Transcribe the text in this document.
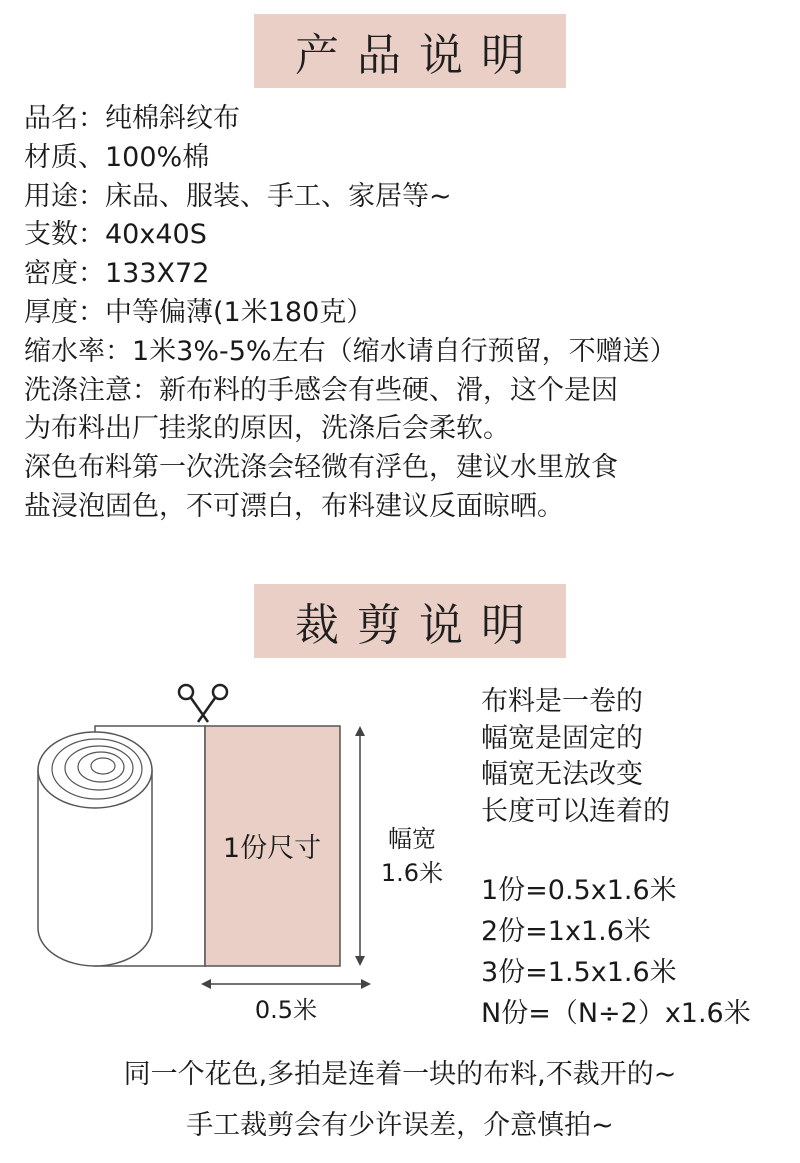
产品说明

品名：纯棉斜纹布

材质、100%棉

用途：床品、服装、手工、家居等~

支数：40x40S

密度：133X72

厚度：中等偏薄(1米180克）

缩水率：1米3%-5%左右（缩水请自行预留，不赠送）

洗涤注意：新布料的手感会有些硬、滑，这个是因

为布料出厂挂浆的原因，洗涤后会柔软。

深色布料第一次洗涤会轻微有浮色，建议水里放食

盐浸泡固色，不可漂白，布料建议反面晾晒。

裁剪说明
1份尺寸	幅宽
1.6米
0.5米

布料是一卷的

幅宽是固定的

幅宽无法改变

长度可以连着的

1份=0.5x1.6米

2份=1x1.6米

3份=1.5x1.6米

N份=（N÷2）x1.6米

同一个花色,多拍是连着一块的布料,不裁开的~
手工裁剪会有少许误差，介意慎拍~
